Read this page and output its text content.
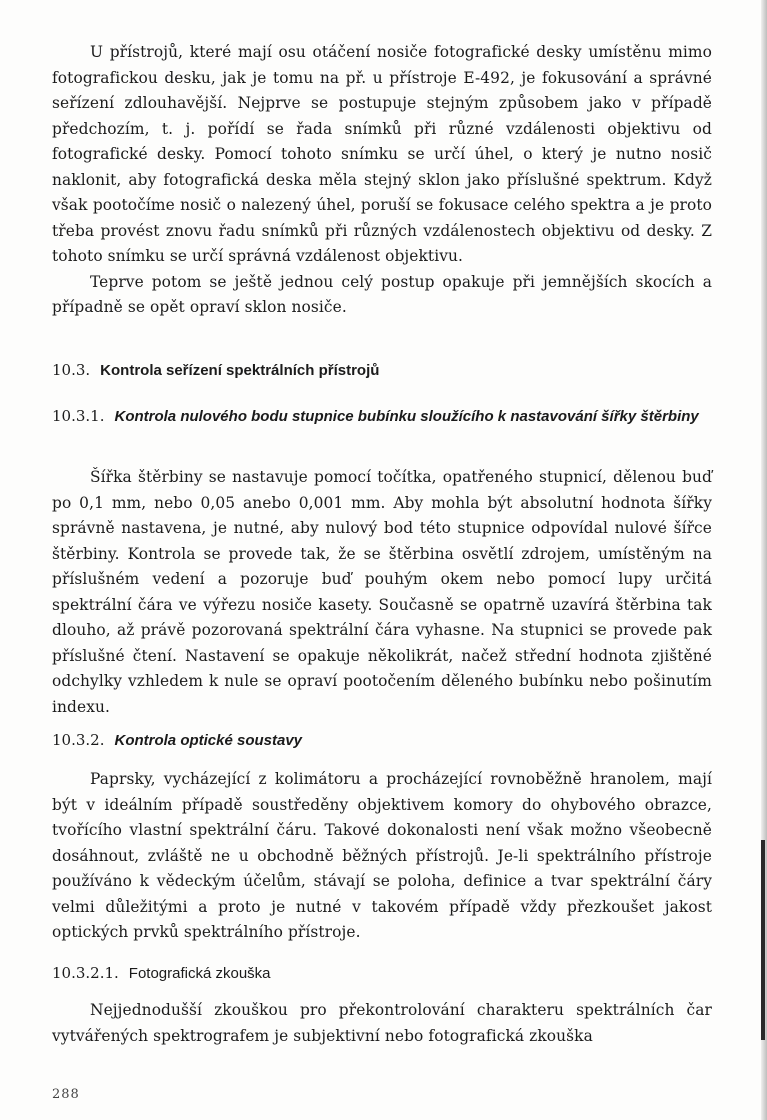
U přístrojů, které mají osu otáčení nosiče fotografické desky umístěnu mimo fotografickou desku, jak je tomu na př. u přístroje E-492, je fokusování a správné seřízení zdlouhavější. Nejprve se postupuje stejným způsobem jako v případě předchozím, t. j. pořídí se řada snímků při různé vzdálenosti objektivu od fotografické desky. Pomocí tohoto snímku se určí úhel, o který je nutno nosič naklonit, aby fotografická deska měla stejný sklon jako příslušné spektrum. Když však pootočíme nosič o nalezený úhel, poruší se fokusace celého spektra a je proto třeba provést znovu řadu snímků při různých vzdálenostech objektivu od desky. Z tohoto snímku se určí správná vzdálenost objektivu.

Teprve potom se ještě jednou celý postup opakuje při jemnějších skocích a případně se opět opraví sklon nosiče.

10.3. Kontrola seřízení spektrálních přístrojů
10.3.1. Kontrola nulového bodu stupnice bubínku sloužícího k nastavování šířky štěrbiny

Šířka štěrbiny se nastavuje pomocí točítka, opatřeného stupnicí, dělenou buď po 0,1 mm, nebo 0,05 anebo 0,001 mm. Aby mohla být absolutní hodnota šířky správně nastavena, je nutné, aby nulový bod této stupnice odpovídal nulové šířce štěrbiny. Kontrola se provede tak, že se štěrbina osvětlí zdrojem, umístěným na příslušném vedení a pozoruje buď pouhým okem nebo pomocí lupy určitá spektrální čára ve výřezu nosiče kasety. Současně se opatrně uzavírá štěrbina tak dlouho, až právě pozorovaná spektrální čára vyhasne. Na stupnici se provede pak příslušné čtení. Nastavení se opakuje několikrát, načež střední hodnota zjištěné odchylky vzhledem k nule se opraví pootočením děleného bubínku nebo pošinutím indexu.

10.3.2. Kontrola optické soustavy

Paprsky, vycházející z kolimátoru a procházející rovnoběžně hranolem, mají být v ideálním případě soustředěny objektivem komory do ohybového obrazce, tvořícího vlastní spektrální čáru. Takové dokonalosti není však možno všeobecně dosáhnout, zvláště ne u obchodně běžných přístrojů. Je-li spektrálního přístroje používáno k vědeckým účelům, stávají se poloha, definice a tvar spektrální čáry velmi důležitými a proto je nutné v takovém případě vždy přezkoušet jakost optických prvků spektrálního přístroje.

10.3.2.1. Fotografická zkouška

Nejjednodušší zkouškou pro překontrolování charakteru spektrálních čar vytvářených spektrografem je subjektivní nebo fotografická zkouška

288
